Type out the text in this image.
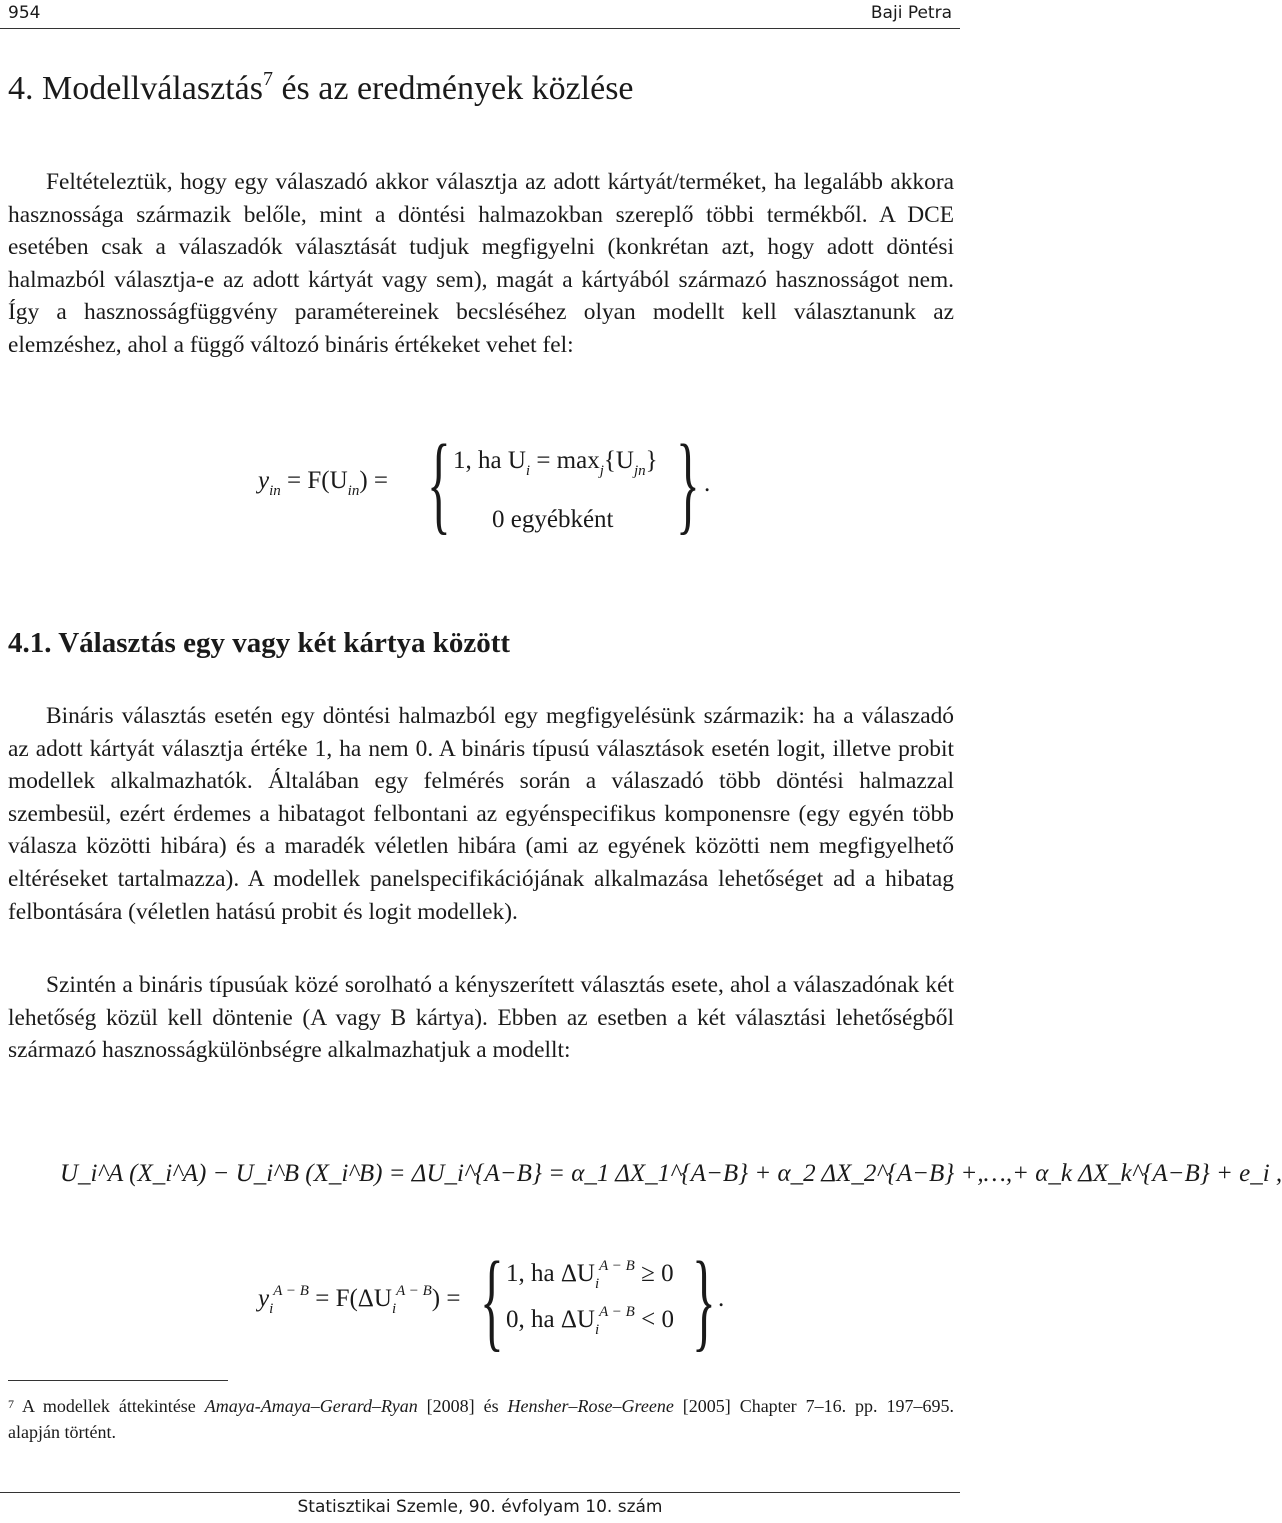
954	Bajі Petra
4. Modellválasztás$^7$ és az eredmények közlése

Feltételeztük, hogy egy válaszadó akkor választja az adott kártyát/terméket, ha legalább akkora hasznossága származik belőle, mint a döntési halmazokban szereplő többi termékből. A DCE esetében csak a válaszadók választását tudjuk megfigyelni (konkrétan azt, hogy adott döntési halmazból választja-e az adott kártyát vagy sem), magát a kártyából származó hasznosságot nem. Így a hasznosságfüggvény paramétereinek becsléséhez olyan modellt kell választanunk az elemzéshez, ahol a függő változó bináris értékeket vehet fel:

$y_{in} = F(U_{in})$ = { 1, ha $U_i = \max_j\{U_{jn}\}$
0 egyébként } .
4.1. Választás egy vagy két kártya között

Bináris választás esetén egy döntési halmazból egy megfigyelésünk származik: ha a válaszadó az adott kártyát választja értéke 1, ha nem 0. A bináris típusú választások esetén logit, illetve probit modellek alkalmazhatók. Általában egy felmérés során a válaszadó több döntési halmazzal szembesül, ezért érdemes a hibatagot felbontani az egyénspecifikus komponensre (egy egyén több válasza közötti hibára) és a maradék véletlen hibára (ami az egyének közötti nem megfigyelhető eltéréseket tartalmazza). A modellek panelspecifikációjának alkalmazása lehetőséget ad a hibatag felbontására (véletlen hatású probit és logit modellek).

Szintén a bináris típusúak közé sorolható a kényszerített választás esete, ahol a válaszadónak két lehetőség közül kell döntenie (A vagy B kártya). Ebben az esetben a két választási lehetőségből származó hasznosságkülönbségre alkalmazhatjuk a modellt:

U_i^A (X_i^A) − U_i^B (X_i^B) = ΔU_i^{A−B} = α_1 ΔX_1^{A−B} + α_2 ΔX_2^{A−B} +,…,+ α_k ΔX_k^{A−B} + e_i ,
$y_i^{A - B} = F(\Delta U_i^{A - B})$ = { 1, ha $\Delta U_i^{A - B} \ge 0$
0, ha $\Delta U_i^{A - B} < 0$ } .

$^7$ A modellek áttekintése Amaya-Amaya–Gerard–Ryan [2008] és Hensher–Rose–Greene [2005] Chapter 7–16. pp. 197–695. alapján történt.

Statisztikai Szemle, 90. évfolyam 10. szám
